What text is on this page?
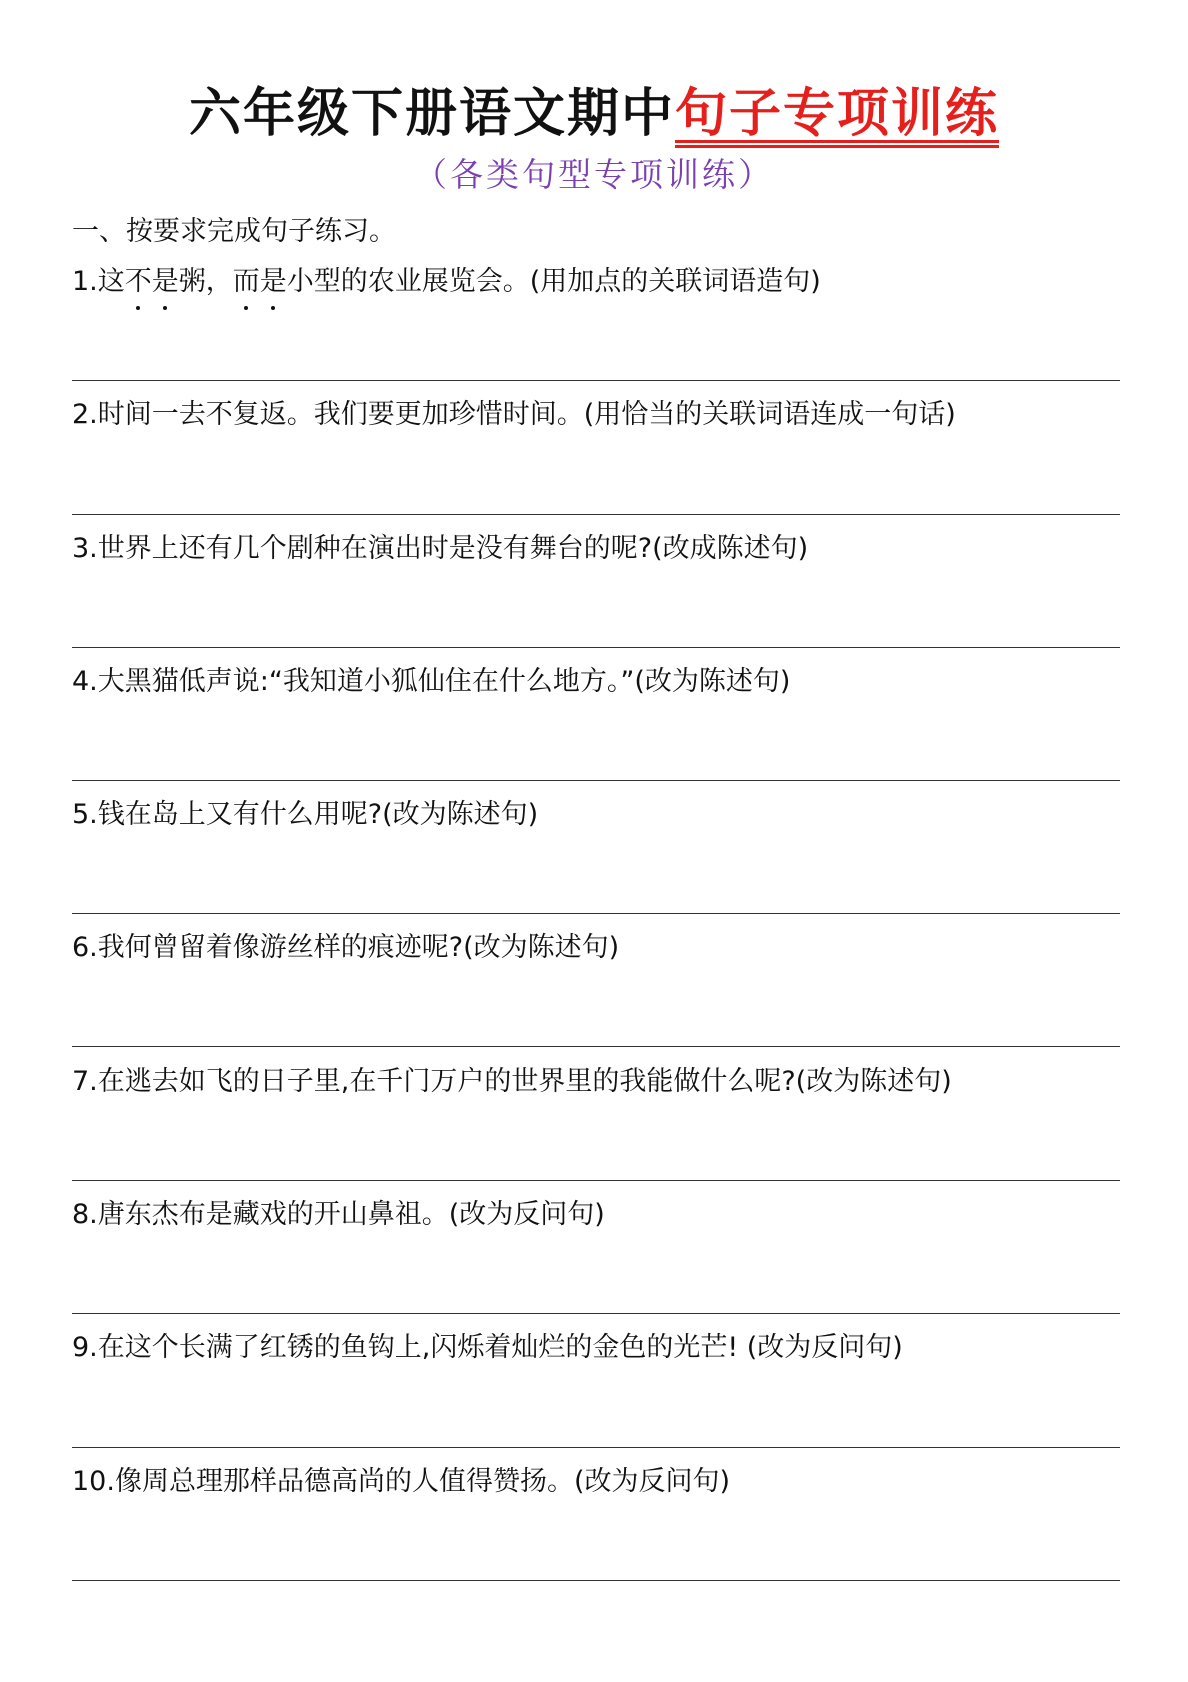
六年级下册语文期中句子专项训练
（各类句型专项训练）
一、按要求完成句子练习。
1.这不是粥，而是小型的农业展览会。(用加点的关联词语造句)
2.时间一去不复返。我们要更加珍惜时间。(用恰当的关联词语连成一句话)
3.世界上还有几个剧种在演出时是没有舞台的呢?(改成陈述句)
4.大黑猫低声说:“我知道小狐仙住在什么地方。”(改为陈述句)
5.钱在岛上又有什么用呢?(改为陈述句)
6.我何曾留着像游丝样的痕迹呢?(改为陈述句)
7.在逃去如飞的日子里,在千门万户的世界里的我能做什么呢?(改为陈述句)
8.唐东杰布是藏戏的开山鼻祖。(改为反问句)
9.在这个长满了红锈的鱼钩上,闪烁着灿烂的金色的光芒! (改为反问句)
10.像周总理那样品德高尚的人值得赞扬。(改为反问句)
